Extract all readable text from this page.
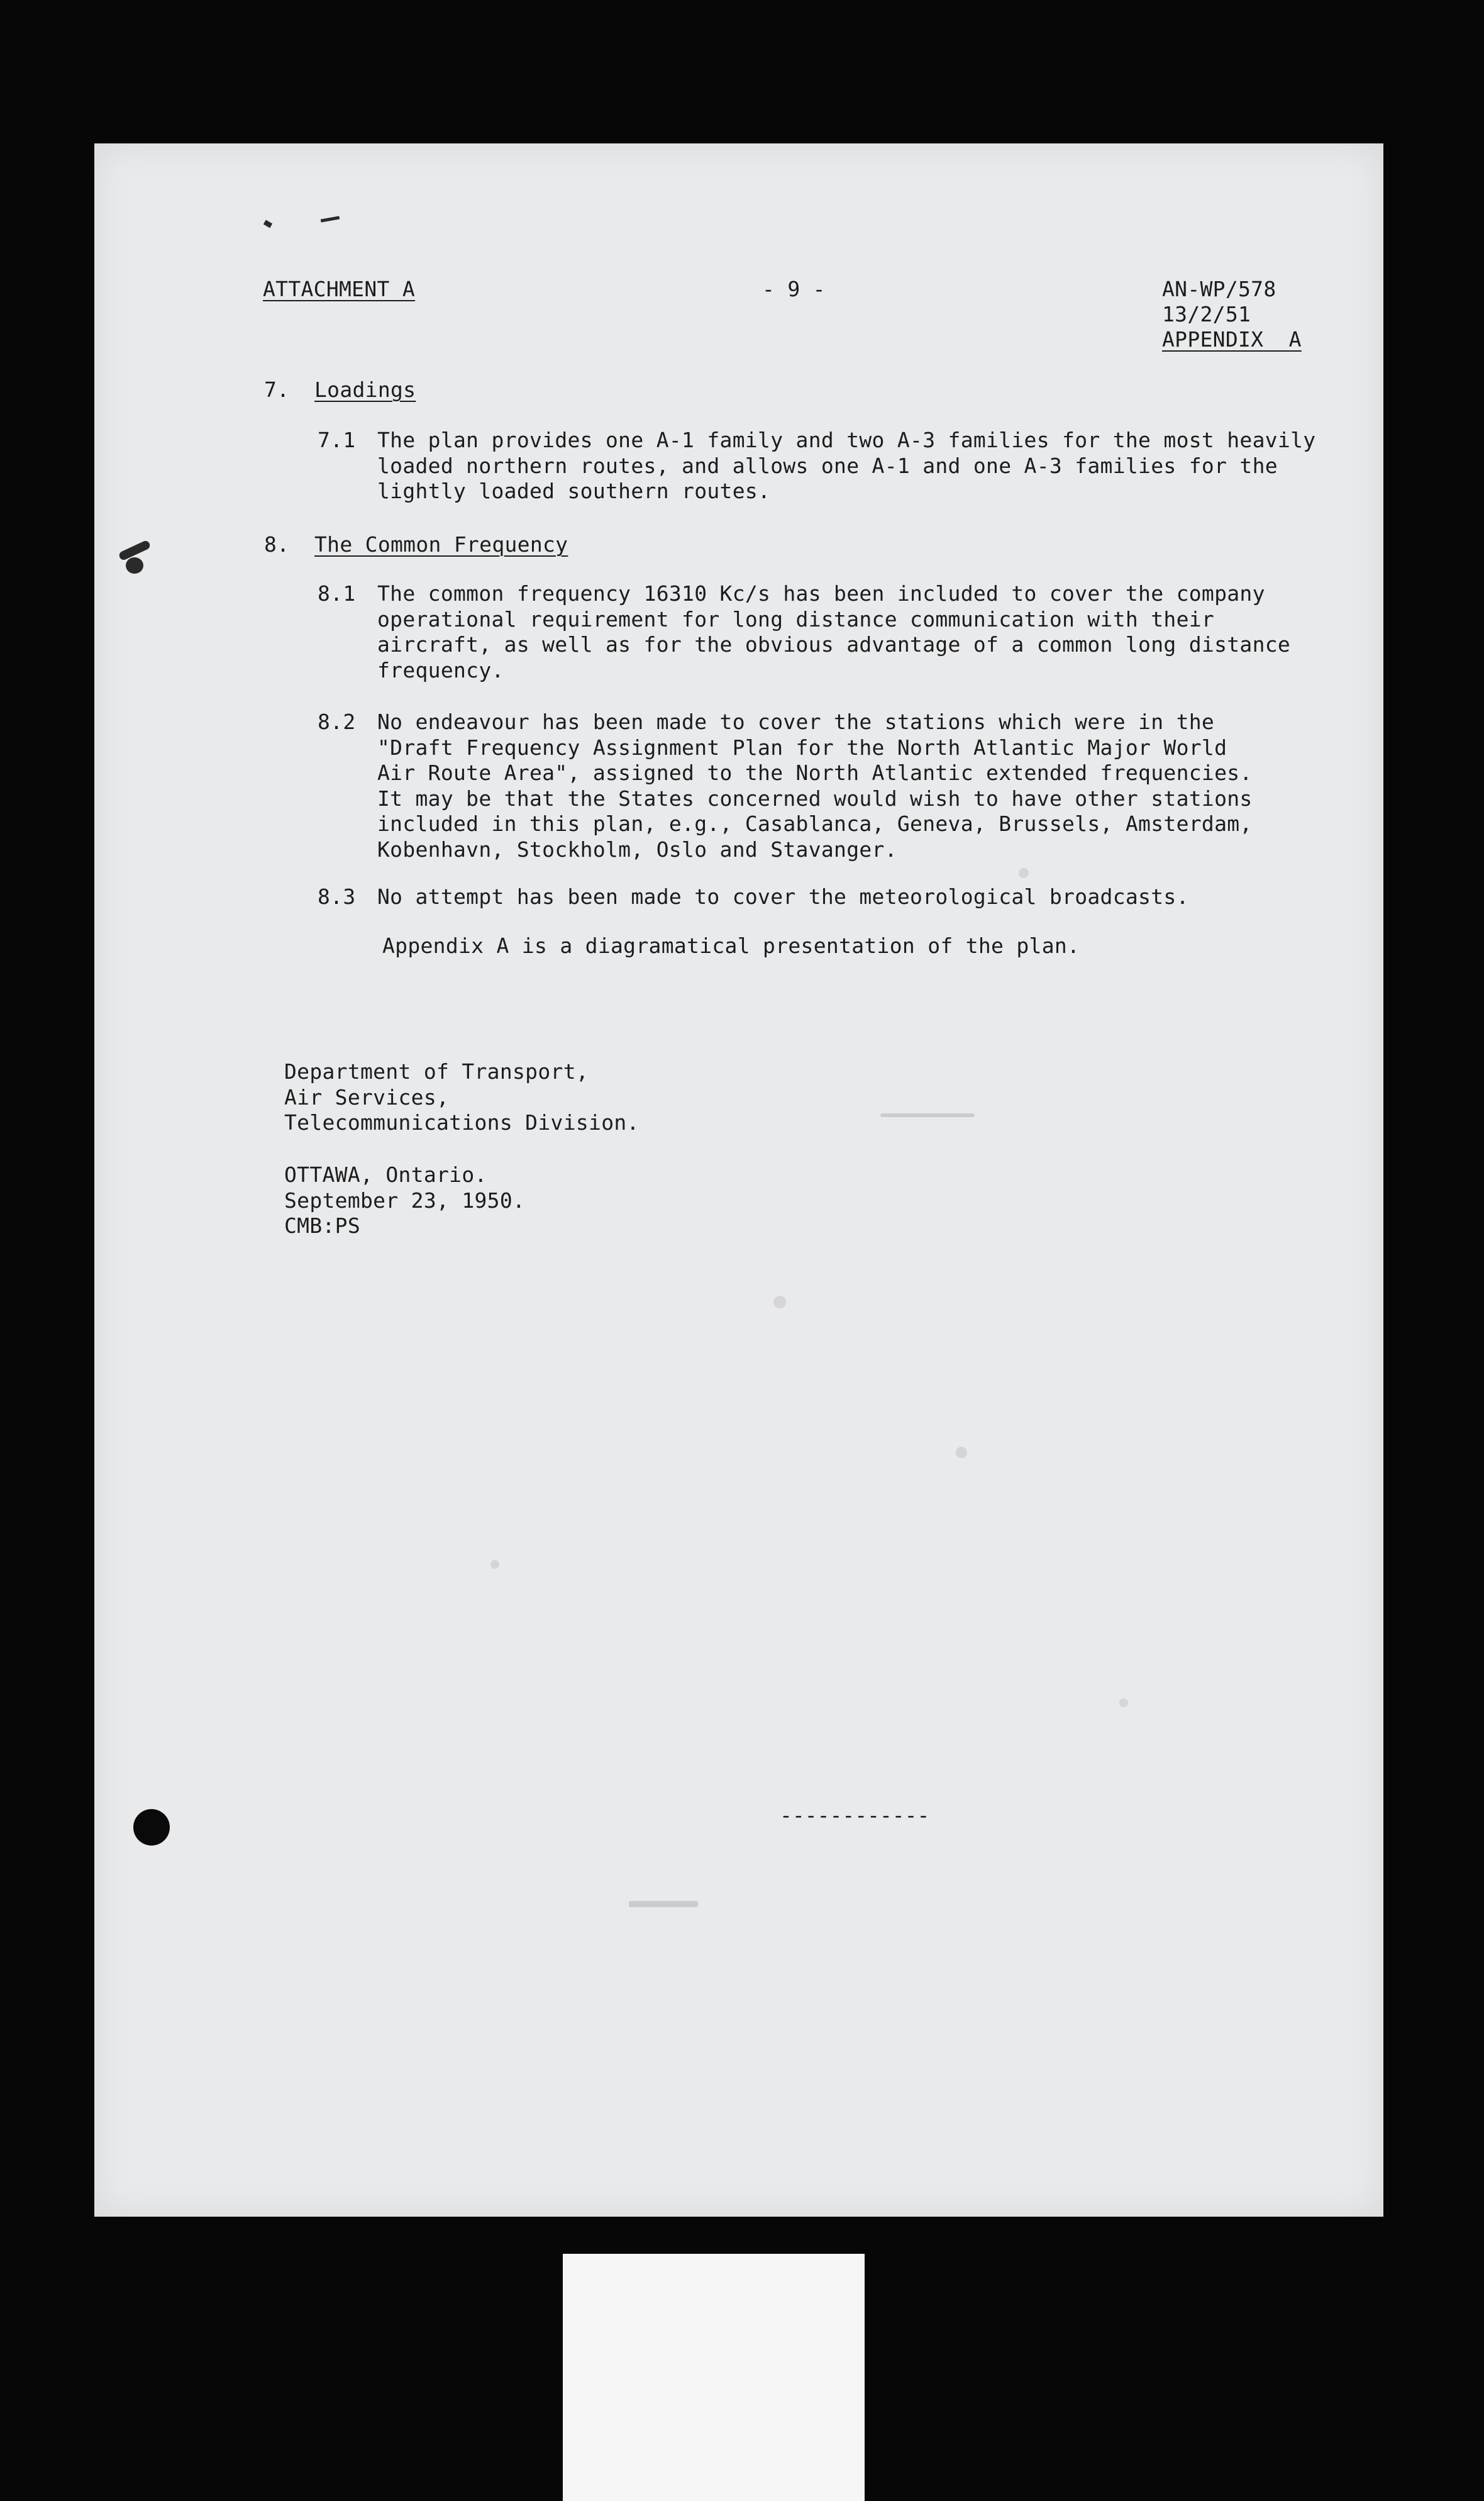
ATTACHMENT A	- 9 -	AN-WP/578
13/2/51
APPENDIX  A
7. Loadings
7.1 The plan provides one A-1 family and two A-3 families for the most heavily
loaded northern routes, and allows one A-1 and one A-3 families for the
lightly loaded southern routes.
8. The Common Frequency
8.1 The common frequency 16310 Kc/s has been included to cover the company
operational requirement for long distance communication with their
aircraft, as well as for the obvious advantage of a common long distance
frequency.
8.2 No endeavour has been made to cover the stations which were in the
"Draft Frequency Assignment Plan for the North Atlantic Major World
Air Route Area", assigned to the North Atlantic extended frequencies.
It may be that the States concerned would wish to have other stations
included in this plan, e.g., Casablanca, Geneva, Brussels, Amsterdam,
Kobenhavn, Stockholm, Oslo and Stavanger.
8.3 No attempt has been made to cover the meteorological broadcasts.
Appendix A is a diagramatical presentation of the plan.
Department of Transport,
Air Services,
Telecommunications Division.
OTTAWA, Ontario.
September 23, 1950.
CMB:PS
------------
